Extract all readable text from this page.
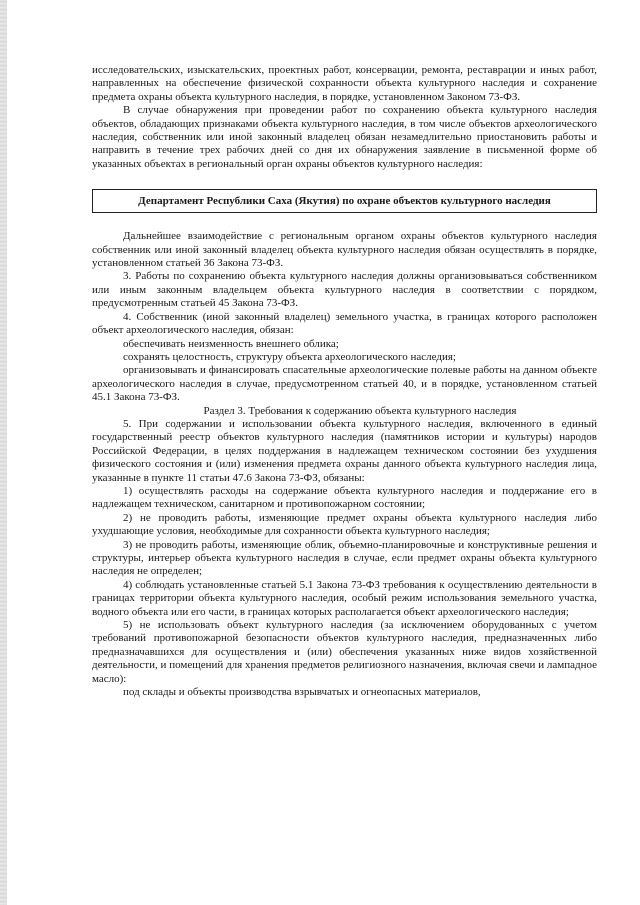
исследовательских, изыскательских, проектных работ, консервации, ремонта, реставрации и иных работ, направленных на обеспечение физической сохранности объекта культурного наследия и сохранение предмета охраны объекта культурного наследия, в порядке, установленном Законом 73-ФЗ.

В случае обнаружения при проведении работ по сохранению объекта культурного наследия объектов, обладающих признаками объекта культурного наследия, в том числе объектов археологического наследия, собственник или иной законный владелец обязан незамедлительно приостановить работы и направить в течение трех рабочих дней со дня их обнаружения заявление в письменной форме об указанных объектах в региональный орган охраны объектов культурного наследия:

Департамент Республики Саха (Якутия) по охране объектов культурного наследия

Дальнейшее взаимодействие с региональным органом охраны объектов культурного наследия собственник или иной законный владелец объекта культурного наследия обязан осуществлять в порядке, установленном статьей 36 Закона 73-ФЗ.

3. Работы по сохранению объекта культурного наследия должны организовываться собственником или иным законным владельцем объекта культурного наследия в соответствии с порядком, предусмотренным статьей 45 Закона 73-ФЗ.

4. Собственник (иной законный владелец) земельного участка, в границах которого расположен объект археологического наследия, обязан:

обеспечивать неизменность внешнего облика;

сохранять целостность, структуру объекта археологического наследия;

организовывать и финансировать спасательные археологические полевые работы на данном объекте археологического наследия в случае, предусмотренном статьей 40, и в порядке, установленном статьей 45.1 Закона 73-ФЗ.

Раздел 3. Требования к содержанию объекта культурного наследия

5. При содержании и использовании объекта культурного наследия, включенного в единый государственный реестр объектов культурного наследия (памятников истории и культуры) народов Российской Федерации, в целях поддержания в надлежащем техническом состоянии без ухудшения физического состояния и (или) изменения предмета охраны данного объекта культурного наследия лица, указанные в пункте 11 статьи 47.6 Закона 73-ФЗ, обязаны:

1) осуществлять расходы на содержание объекта культурного наследия и поддержание его в надлежащем техническом, санитарном и противопожарном состоянии;

2) не проводить работы, изменяющие предмет охраны объекта культурного наследия либо ухудшающие условия, необходимые для сохранности объекта культурного наследия;

3) не проводить работы, изменяющие облик, объемно-планировочные и конструктивные решения и структуры, интерьер объекта культурного наследия в случае, если предмет охраны объекта культурного наследия не определен;

4) соблюдать установленные статьей 5.1 Закона 73-ФЗ требования к осуществлению деятельности в границах территории объекта культурного наследия, особый режим использования земельного участка, водного объекта или его части, в границах которых располагается объект археологического наследия;

5) не использовать объект культурного наследия (за исключением оборудованных с учетом требований противопожарной безопасности объектов культурного наследия, предназначенных либо предназначавшихся для осуществления и (или) обеспечения указанных ниже видов хозяйственной деятельности, и помещений для хранения предметов религиозного назначения, включая свечи и лампадное масло):

под склады и объекты производства взрывчатых и огнеопасных материалов,
